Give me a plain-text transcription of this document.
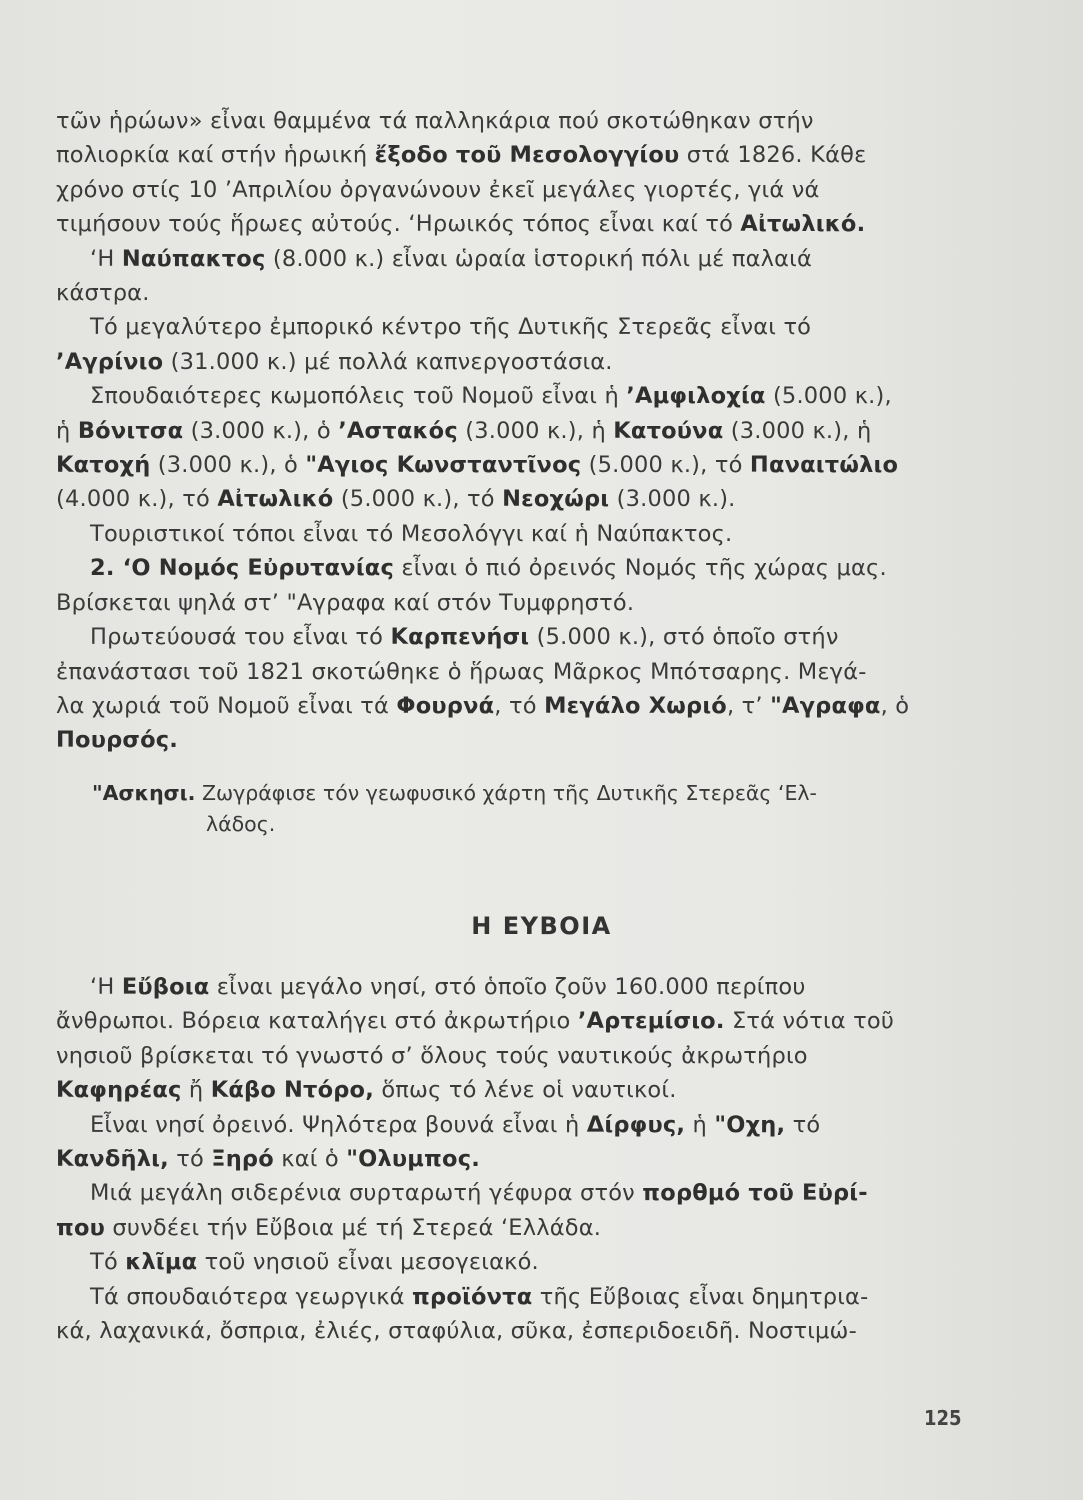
τῶν ἡρώων» εἶναι θαμμένα τά παλληκάρια πού σκοτώθηκαν στήν

πολιορκία καί στήν ἡρωική ἔξοδο τοῦ Μεσολογγίου στά 1826. Κάθε

χρόνο στίς 10 ’Απριλίου ὀργανώνουν ἐκεῖ μεγάλες γιορτές, γιά νά

τιμήσουν τούς ἥρωες αὐτούς. ‘Ηρωικός τόπος εἶναι καί τό Αἰτωλικό.

‘Η Ναύπακτος (8.000 κ.) εἶναι ὡραία ἱστορική πόλι μέ παλαιά

κάστρα.

Τό μεγαλύτερο ἐμπορικό κέντρο τῆς Δυτικῆς Στερεᾶς εἶναι τό

’Αγρίνιο (31.000 κ.) μέ πολλά καπνεργοστάσια.

Σπουδαιότερες κωμοπόλεις τοῦ Νομοῦ εἶναι ἡ ’Αμφιλοχία (5.000 κ.),

ἡ Βόνιτσα (3.000 κ.), ὁ ’Αστακός (3.000 κ.), ἡ Κατούνα (3.000 κ.), ἡ

Κατοχή (3.000 κ.), ὁ "Αγιος Κωνσταντῖνος (5.000 κ.), τό Παναιτώλιο

(4.000 κ.), τό Αἰτωλικό (5.000 κ.), τό Νεοχώρι (3.000 κ.).

Τουριστικοί τόποι εἶναι τό Μεσολόγγι καί ἡ Ναύπακτος.

2. ‘Ο Νομός Εὐρυτανίας εἶναι ὁ πιό ὀρεινός Νομός τῆς χώρας μας.

Βρίσκεται ψηλά στ’ "Αγραφα καί στόν Τυμφρηστό.

Πρωτεύουσά του εἶναι τό Καρπενήσι (5.000 κ.), στό ὁποῖο στήν

ἐπανάστασι τοῦ 1821 σκοτώθηκε ὁ ἥρωας Μᾶρκος Μπότσαρης. Μεγά-

λα χωριά τοῦ Νομοῦ εἶναι τά Φουρνά, τό Μεγάλο Χωριό, τ’ "Αγραφα, ὁ

Πουρσός.

"Ασκησι. Ζωγράφισε τόν γεωφυσικό χάρτη τῆς Δυτικῆς Στερεᾶς ‘Ελ-
λάδος.
Η ΕΥΒΟΙΑ

‘Η Εὔβοια εἶναι μεγάλο νησί, στό ὁποῖο ζοῦν 160.000 περίπου

ἄνθρωποι. Βόρεια καταλήγει στό ἀκρωτήριο ’Αρτεμίσιο. Στά νότια τοῦ

νησιοῦ βρίσκεται τό γνωστό σ’ ὅλους τούς ναυτικούς ἀκρωτήριο

Καφηρέας ἤ Κάβο Ντόρο, ὅπως τό λένε οἱ ναυτικοί.

Εἶναι νησί ὀρεινό. Ψηλότερα βουνά εἶναι ἡ Δίρφυς, ἡ "Οχη, τό

Κανδῆλι, τό Ξηρό καί ὁ "Ολυμπος.

Μιά μεγάλη σιδερένια συρταρωτή γέφυρα στόν πορθμό τοῦ Εὐρί-

που συνδέει τήν Εὔβοια μέ τή Στερεά ‘Ελλάδα.

Τό κλῖμα τοῦ νησιοῦ εἶναι μεσογειακό.

Τά σπουδαιότερα γεωργικά προϊόντα τῆς Εὔβοιας εἶναι δημητρια-

κά, λαχανικά, ὄσπρια, ἐλιές, σταφύλια, σῦκα, ἐσπεριδοειδῆ. Νοστιμώ-

125
